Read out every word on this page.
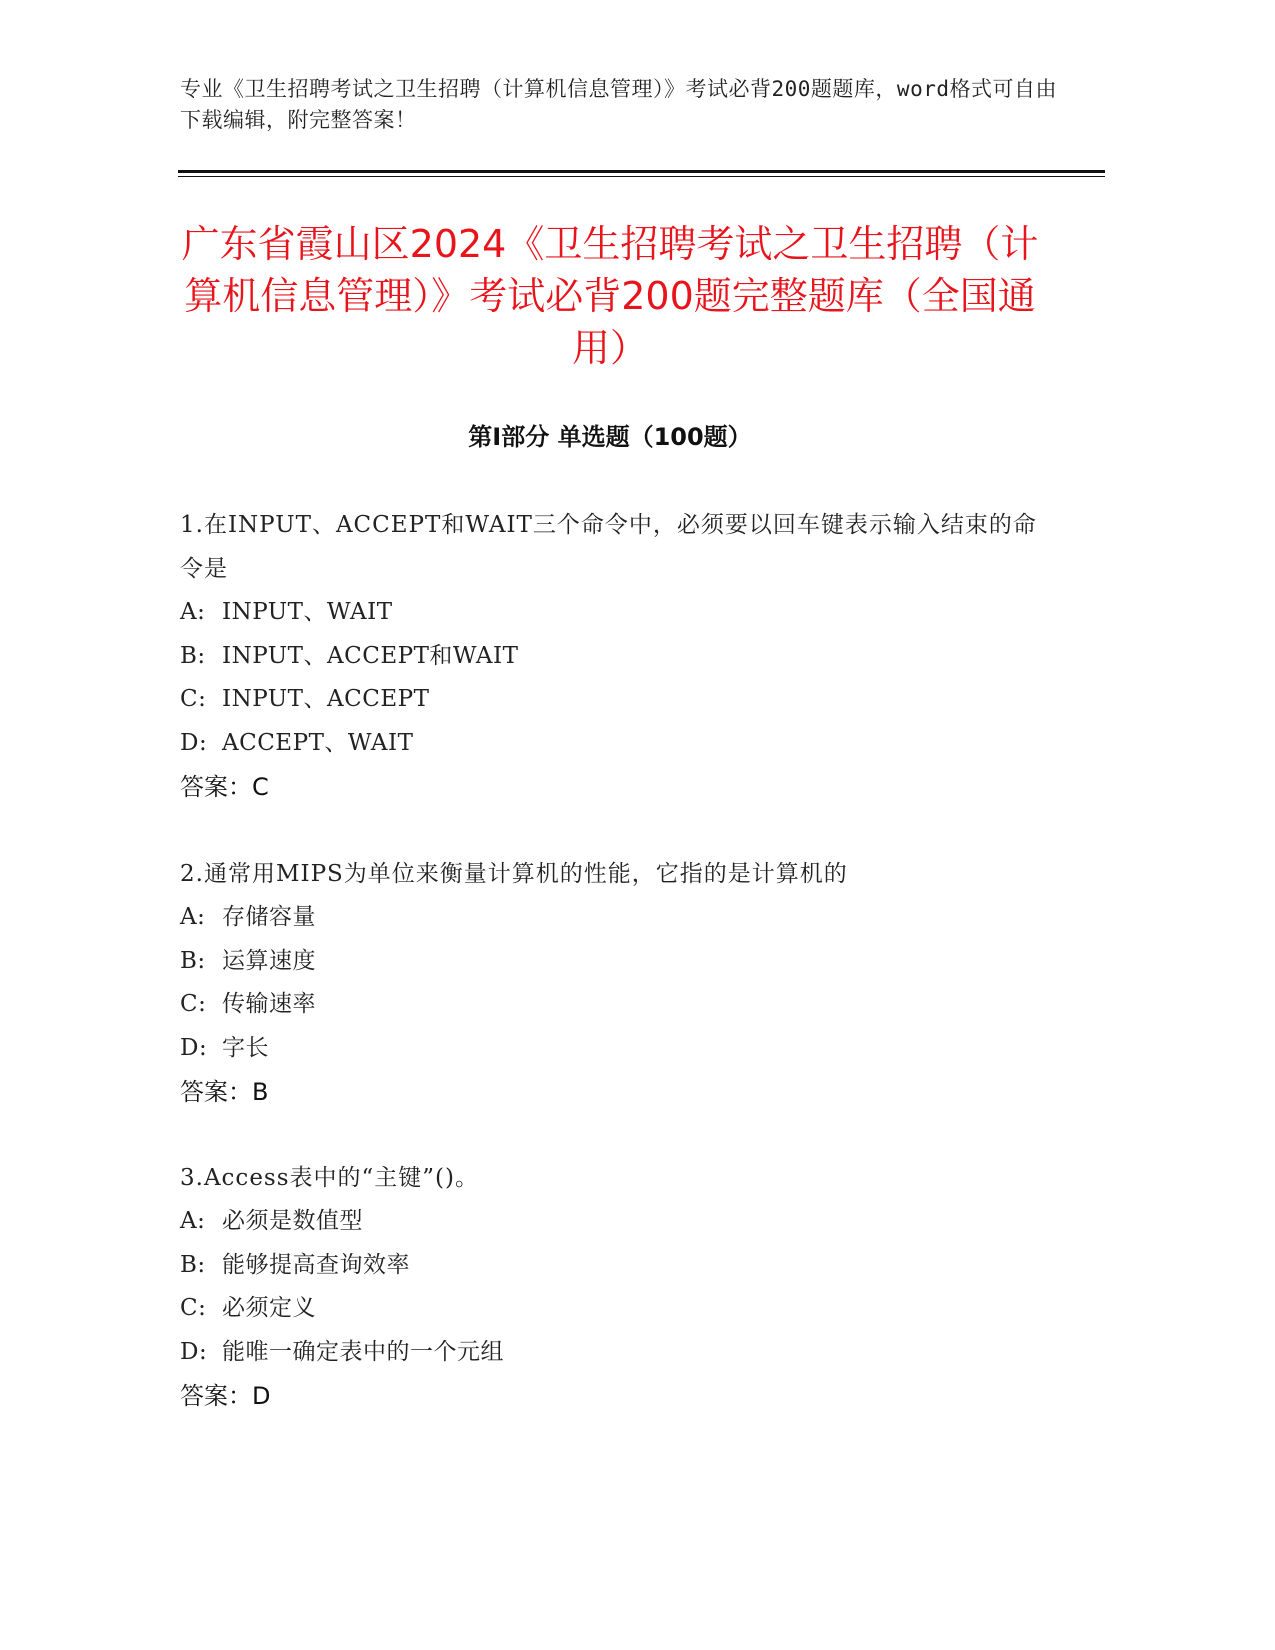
专业《卫生招聘考试之卫生招聘（计算机信息管理）》考试必背200题题库，word格式可自由下载编辑，附完整答案！
广东省霞山区2024《卫生招聘考试之卫生招聘（计算机信息管理）》考试必背200题完整题库（全国通用）
第Ⅰ部分 单选题（100题）
1.在INPUT、ACCEPT和WAIT三个命令中，必须要以回车键表示输入结束的命令是
A: INPUT、WAIT
B: INPUT、ACCEPT和WAIT
C: INPUT、ACCEPT
D: ACCEPT、WAIT
答案：C
2.通常用MIPS为单位来衡量计算机的性能，它指的是计算机的
A: 存储容量
B: 运算速度
C: 传输速率
D: 字长
答案：B
3.Access表中的“主键”()。
A: 必须是数值型
B: 能够提高查询效率
C: 必须定义
D: 能唯一确定表中的一个元组
答案：D
